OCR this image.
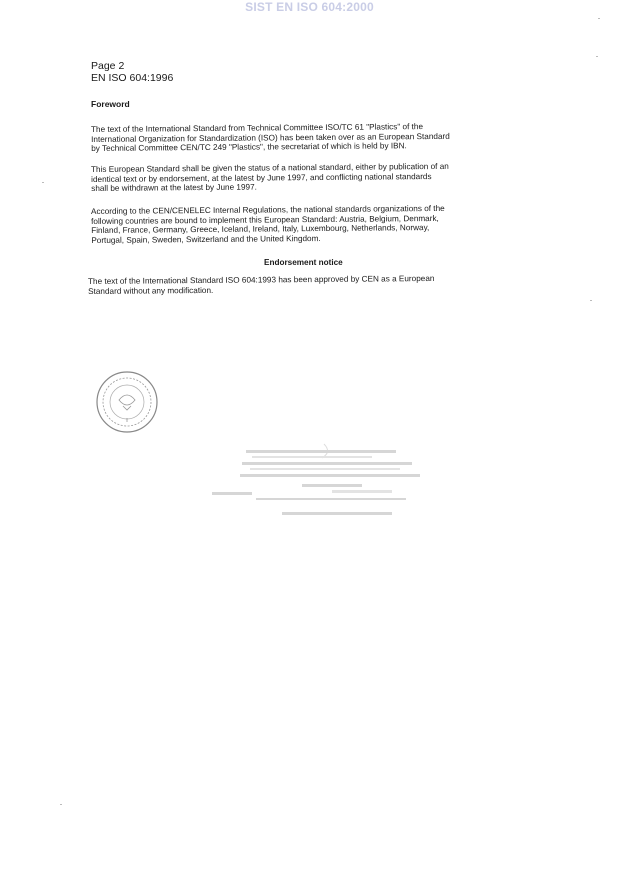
SIST EN ISO 604:2000
Page 2
EN ISO 604:1996
Foreword

The text of the International Standard from Technical Committee ISO/TC 61 "Plastics" of the

International Organization for Standardization (ISO) has been taken over as an European Standard

by Technical Committee CEN/TC 249 "Plastics", the secretariat of which is held by IBN.

This European Standard shall be given the status of a national standard, either by publication of an

identical text or by endorsement, at the latest by June 1997, and conflicting national standards

shall be withdrawn at the latest by June 1997.

According to the CEN/CENELEC Internal Regulations, the national standards organizations of the

following countries are bound to implement this European Standard: Austria, Belgium, Denmark,

Finland, France, Germany, Greece, Iceland, Ireland, Italy, Luxembourg, Netherlands, Norway,

Portugal, Spain, Sweden, Switzerland and the United Kingdom.

Endorsement notice

The text of the International Standard ISO 604:1993 has been approved by CEN as a European

Standard without any modification.
